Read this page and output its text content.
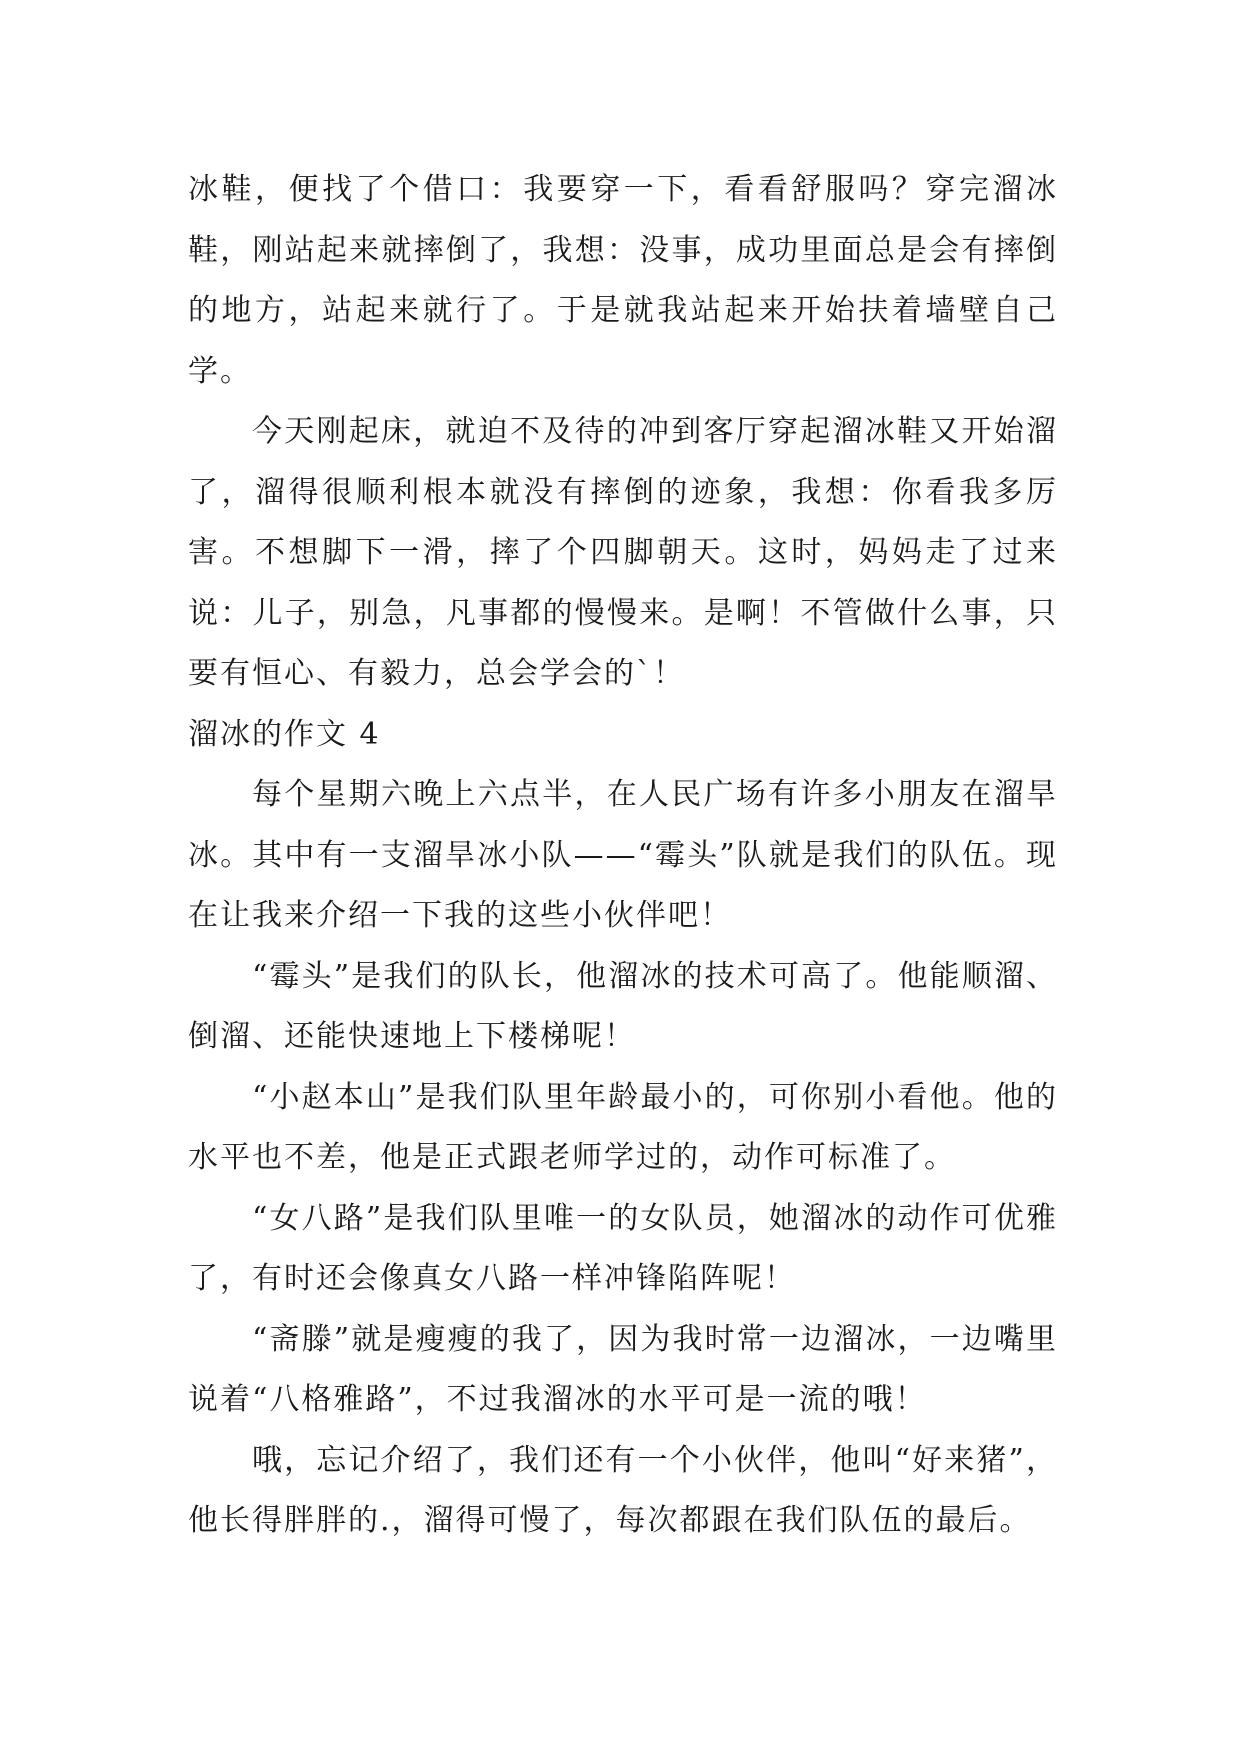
冰鞋，便找了个借口：我要穿一下，看看舒服吗？穿完溜冰鞋，刚站起来就摔倒了，我想：没事，成功里面总是会有摔倒的地方，站起来就行了。于是就我站起来开始扶着墙壁自己学。

今天刚起床，就迫不及待的冲到客厅穿起溜冰鞋又开始溜了，溜得很顺利根本就没有摔倒的迹象，我想：你看我多厉害。不想脚下一滑，摔了个四脚朝天。这时，妈妈走了过来说：儿子，别急，凡事都的慢慢来。是啊！不管做什么事，只要有恒心、有毅力，总会学会的`！

溜冰的作文 4

每个星期六晚上六点半，在人民广场有许多小朋友在溜旱冰。其中有一支溜旱冰小队——“霉头”队就是我们的队伍。现在让我来介绍一下我的这些小伙伴吧！

“霉头”是我们的队长，他溜冰的技术可高了。他能顺溜、倒溜、还能快速地上下楼梯呢！

“小赵本山”是我们队里年龄最小的，可你别小看他。他的水平也不差，他是正式跟老师学过的，动作可标准了。

“女八路”是我们队里唯一的女队员，她溜冰的动作可优雅了，有时还会像真女八路一样冲锋陷阵呢！

“斋滕”就是瘦瘦的我了，因为我时常一边溜冰，一边嘴里说着“八格雅路”，不过我溜冰的水平可是一流的哦！

哦，忘记介绍了，我们还有一个小伙伴，他叫“好来猪”，他长得胖胖的.，溜得可慢了，每次都跟在我们队伍的最后。
